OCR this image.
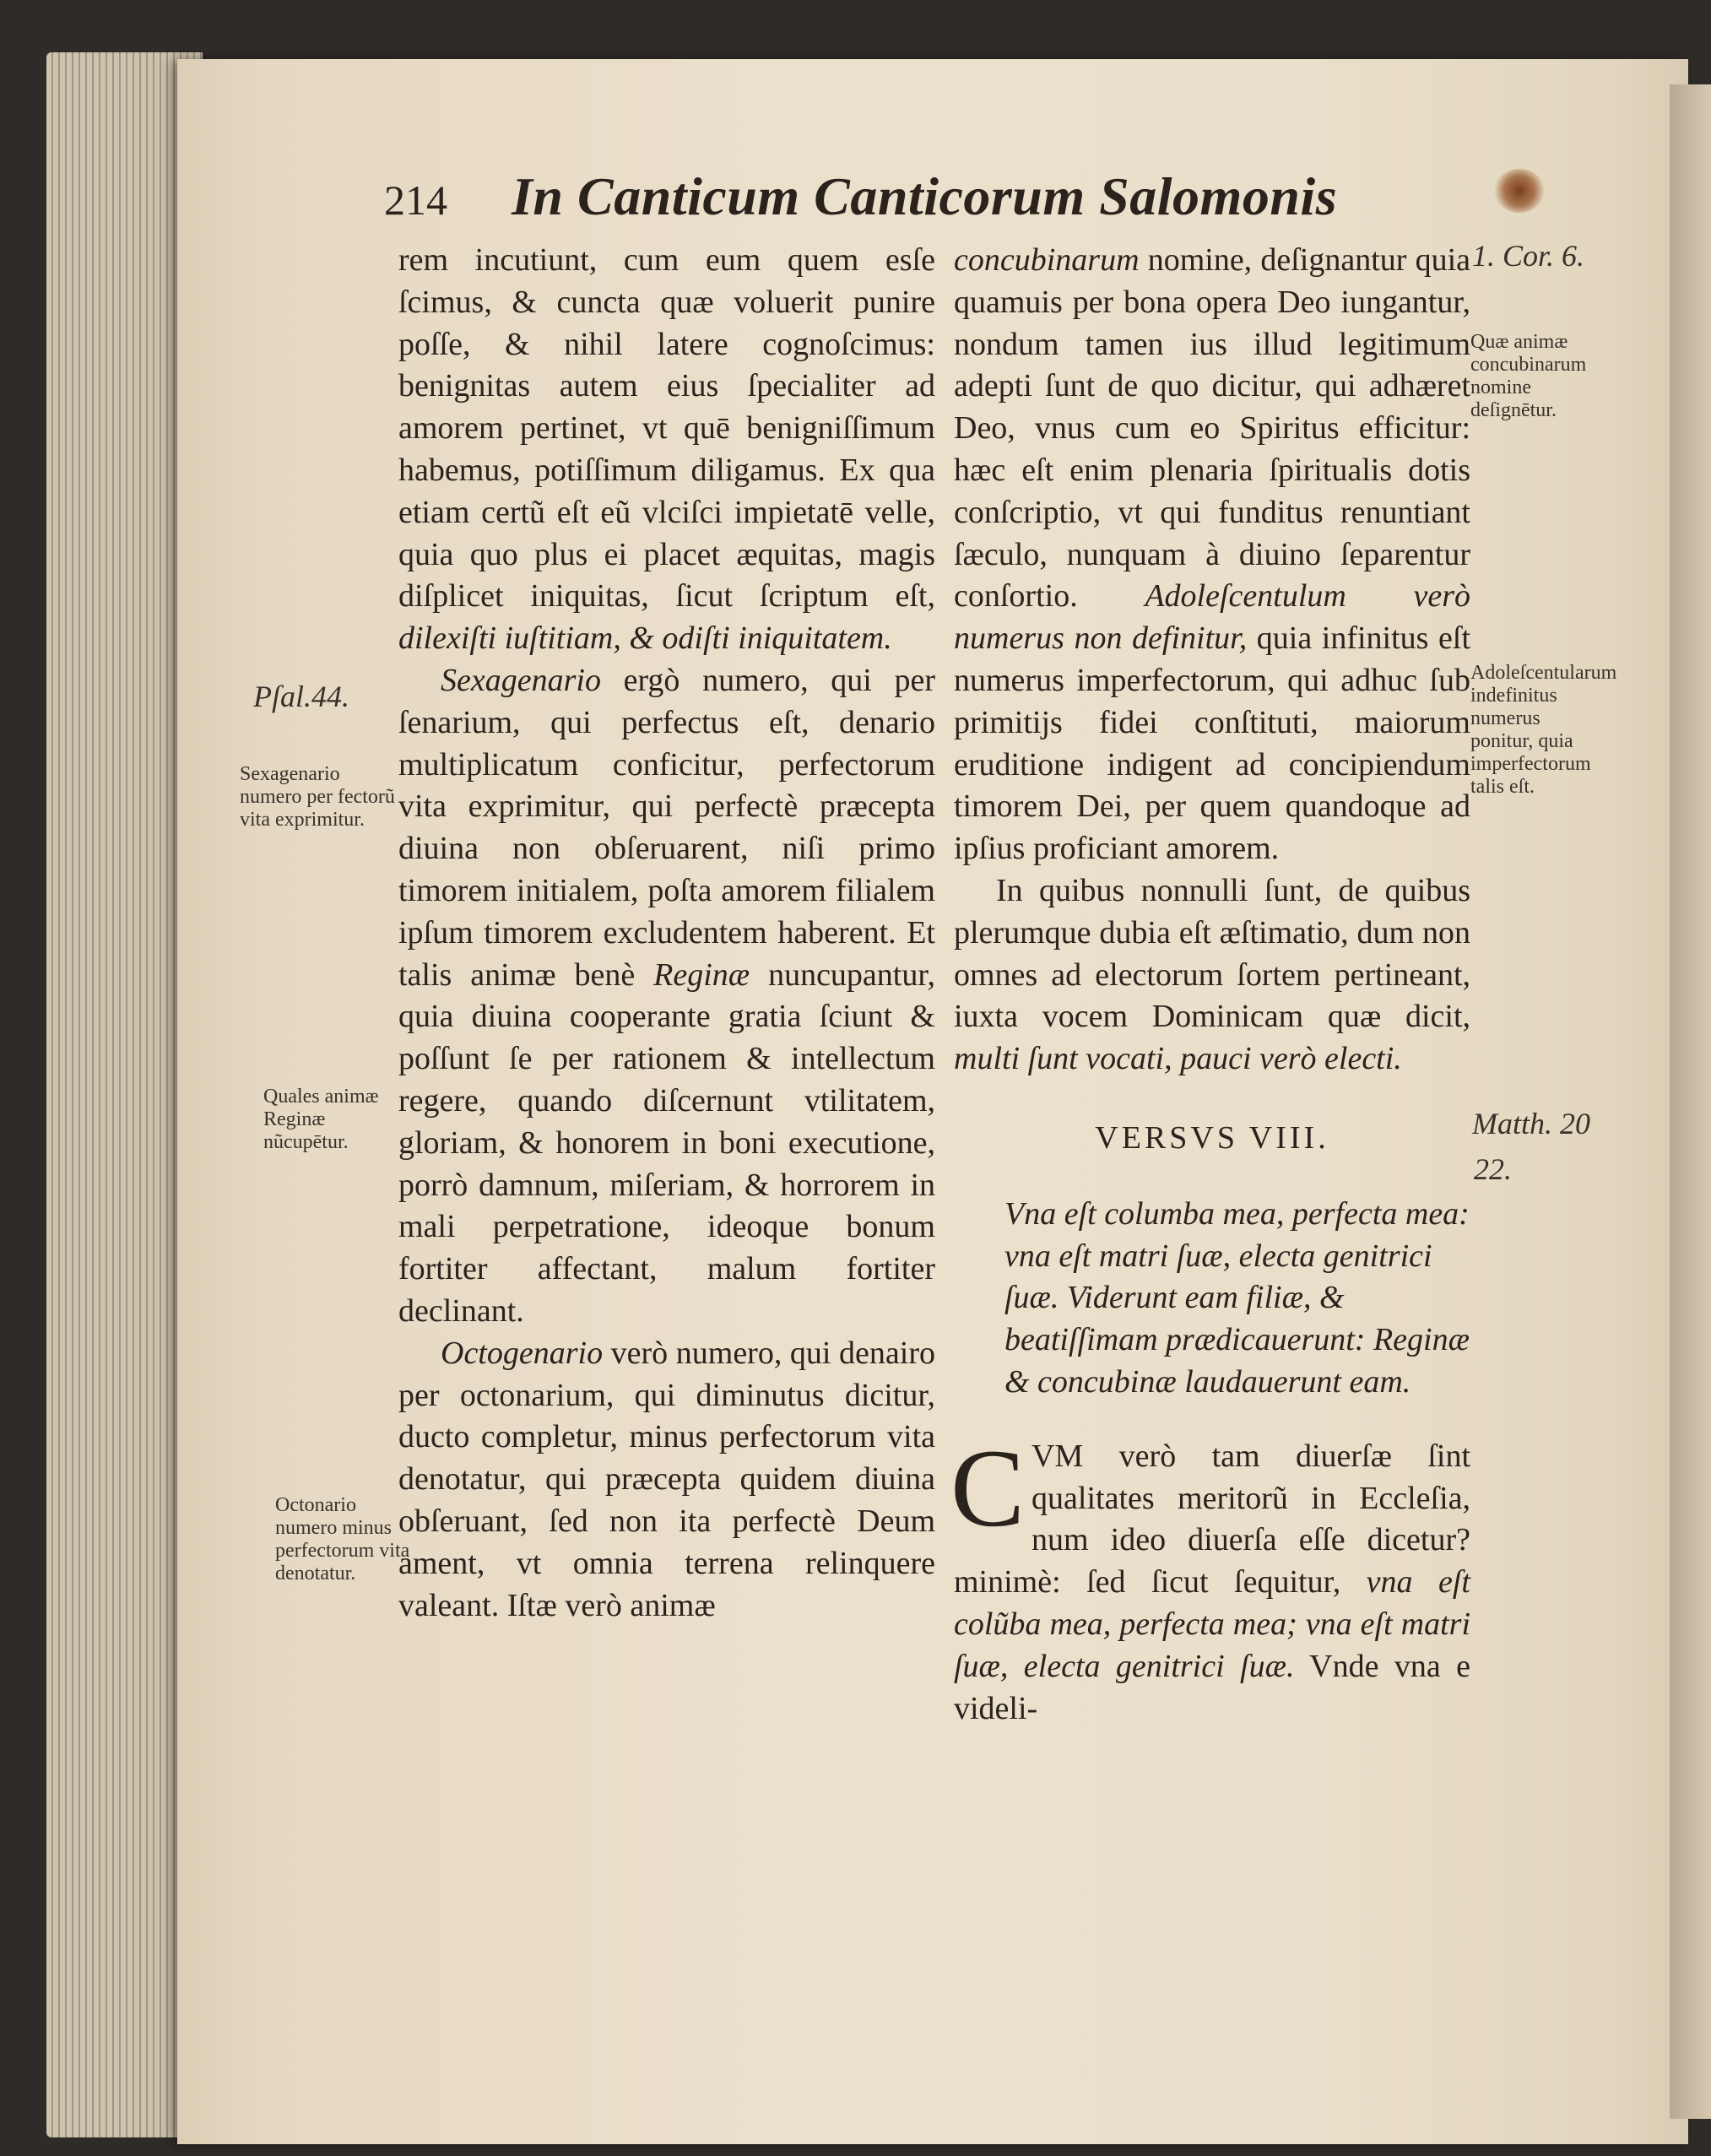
214 In Canticum Canticorum Salomonis
Pſal.44.
Sexagenario numero per fectorũ vita exprimitur.
Quales animæ Reginæ nũcupētur.
Octonario numero minus perfectorum vita denotatur.
1. Cor. 6.
Quæ animæ concubinarum nomine deſignētur.
Adoleſcentularum indefinitus numerus ponitur, quia imperfectorum talis eſt.
Matth. 20
22.

rem incutiunt, cum eum quem esſe ſcimus, & cuncta quæ voluerit punire poſſe, & nihil latere cognoſcimus: benignitas autem eius ſpecialiter ad amorem pertinet, vt quē benigniſſimum habemus, potiſſimum diligamus. Ex qua etiam certũ eſt eũ vlciſci impietatē velle, quia quo plus ei placet æquitas, magis diſplicet iniquitas, ſicut ſcriptum eſt, dilexiſti iuſtitiam, & odiſti iniquitatem.

Sexagenario ergò numero, qui per ſenarium, qui perfectus eſt, denario multiplicatum conficitur, perfectorum vita exprimitur, qui perfectè præcepta diuina non obſeruarent, niſi primo timorem initialem, poſta amorem filialem ipſum timorem excludentem haberent. Et talis animæ benè Reginæ nuncupantur, quia diuina cooperante gratia ſciunt & poſſunt ſe per rationem & intellectum regere, quando diſcernunt vtilitatem, gloriam, & honorem in boni executione, porrò damnum, miſeriam, & horrorem in mali perpetratione, ideoque bonum fortiter affectant, malum fortiter declinant.

Octogenario verò numero, qui denairo per octonarium, qui diminutus dicitur, ducto completur, minus perfectorum vita denotatur, qui præcepta quidem diuina obſeruant, ſed non ita perfectè Deum ament, vt omnia terrena relinquere valeant. Iſtæ verò animæ

concubinarum nomine, deſignantur quia quamuis per bona opera Deo iungantur, nondum tamen ius illud legitimum adepti ſunt de quo dicitur, qui adhæret Deo, vnus cum eo Spiritus efficitur: hæc eſt enim plenaria ſpiritualis dotis conſcriptio, vt qui funditus renuntiant ſæculo, nunquam à diuino ſeparentur conſortio. Adoleſcentulum verò numerus non definitur, quia infinitus eſt numerus imperfectorum, qui adhuc ſub primitijs fidei conſtituti, maiorum eruditione indigent ad concipiendum timorem Dei, per quem quandoque ad ipſius proficiant amorem.

In quibus nonnulli ſunt, de quibus plerumque dubia eſt æſtimatio, dum non omnes ad electorum ſortem pertineant, iuxta vocem Dominicam quæ dicit, multi ſunt vocati, pauci verò electi.

VERSVS VIII.

Vna eſt columba mea, perfecta mea: vna eſt matri ſuæ, electa genitrici ſuæ. Viderunt eam filiæ, & beatiſſimam prædicauerunt: Reginæ & concubinæ laudauerunt eam.

C VM verò tam diuerſæ ſint qualitates meritorũ in Eccleſia, num ideo diuerſa eſſe dicetur? minimè: ſed ſicut ſequitur, vna eſt colũba mea, perfecta mea; vna eſt matri ſuæ, electa genitrici ſuæ. Vnde vna e videli-
